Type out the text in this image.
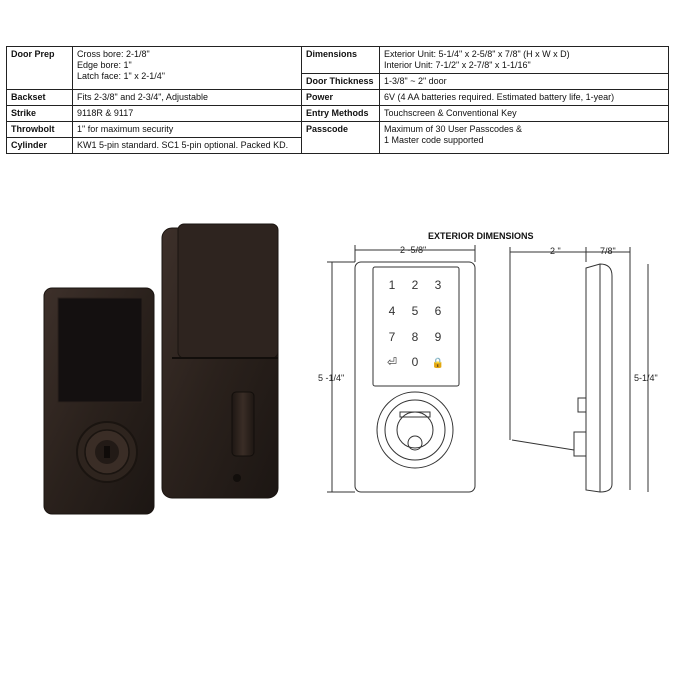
Door Prep	Cross bore: 2-1/8"
Edge bore: 1"
Latch face: 1" x 2-1/4"	Dimensions	Exterior Unit: 5-1/4" x 2-5/8" x 7/8" (H x W x D)
Interior Unit: 7-1/2" x 2-7/8" x 1-1/16"
		Door Thickness	1-3/8" ~ 2" door
Backset	Fits 2-3/8" and 2-3/4", Adjustable	Power	6V (4 AA batteries required. Estimated battery life, 1-year)
Strike	9118R & 9117	Entry Methods	Touchscreen & Conventional Key
Throwbolt	1" for maximum security	Passcode	Maximum of 30 User Passcodes &
1 Master code supported
Cylinder	KW1 5-pin standard. SC1 5-pin optional. Packed KD.		
EXTERIOR DIMENSIONS
2 -5/8"
5 -1/4"
1 2 3
4 5 6
7 8 9
⏎ 0 🔒
2 "	7/8"
5-1/4"
